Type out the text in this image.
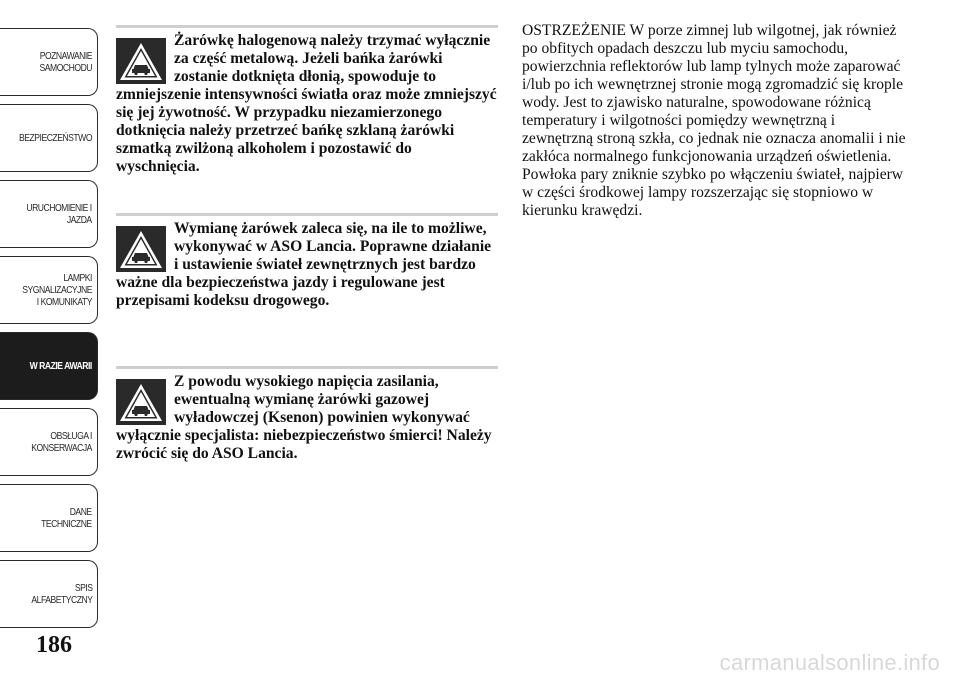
POZNAWANIE
SAMOCHODU
BEZPIECZEŃSTWO
URUCHOMIENIE I
JAZDA
LAMPKI
SYGNALIZACYJNE
I KOMUNIKATY
W RAZIE AWARII
OBSŁUGA I
KONSERWACJA
DANE
TECHNICZNE
SPIS
ALFABETYCZNY
186

Żarówkę halogenową należy trzymać wyłącznie za część metalową. Jeżeli bańka żarówki zostanie dotknięta dłonią, spowoduje to zmniejszenie intensywności światła oraz może zmniejszyć się jej żywotność. W przypadku niezamierzonego dotknięcia należy przetrzeć bańkę szklaną żarówki szmatką zwilżoną alkoholem i pozostawić do wyschnięcia.

Wymianę żarówek zaleca się, na ile to możliwe, wykonywać w ASO Lancia. Poprawne działanie i ustawienie świateł zewnętrznych jest bardzo ważne dla bezpieczeństwa jazdy i regulowane jest przepisami kodeksu drogowego.

Z powodu wysokiego napięcia zasilania, ewentualną wymianę żarówki gazowej wyładowczej (Ksenon) powinien wykonywać wyłącznie specjalista: niebezpieczeństwo śmierci! Należy zwrócić się do ASO Lancia.

OSTRZEŻENIE W porze zimnej lub wilgotnej, jak również po obfitych opadach deszczu lub myciu samochodu, powierzchnia reflektorów lub lamp tylnych może zaparować i/lub po ich wewnętrznej stronie mogą zgromadzić się krople wody. Jest to zjawisko naturalne, spowodowane różnicą temperatury i wilgotności pomiędzy wewnętrzną i zewnętrzną stroną szkła, co jednak nie oznacza anomalii i nie zakłóca normalnego funkcjonowania urządzeń oświetlenia. Powłoka pary zniknie szybko po włączeniu świateł, najpierw w części środkowej lampy rozszerzając się stopniowo w kierunku krawędzi.

carmanualsonline.info
